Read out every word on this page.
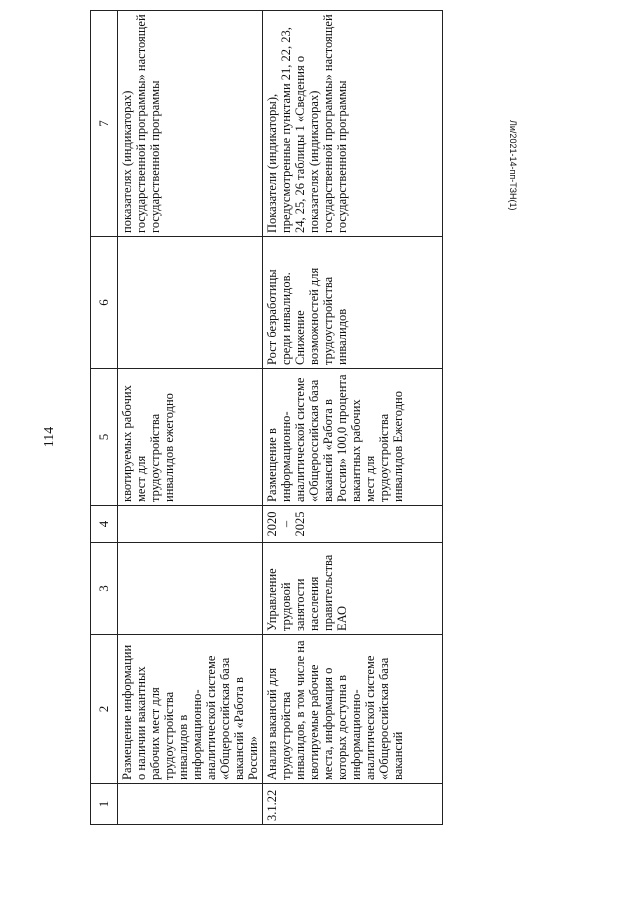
114
Ли/2021-14-пп-ТЗН(1)
1	2	3	4	5	6	7
	Размещение информации о наличии вакантных рабочих мест для трудоустройства инвалидов в информационно-аналитической системе «Общероссийская база вакансий «Работа в России»			квотируемых рабочих мест для трудоустройства инвалидов ежегодно		показателях (индикаторах) государственной программы» настоящей государственной программы
3.1.22	Анализ вакансий для трудоустройства инвалидов, в том числе на квотируемые рабочие места, информация о которых доступна в информационно-аналитической системе «Общероссийская база вакансий	Управление трудовой занятости населения правительства ЕАО	2020 – 2025	Размещение в информационно-аналитической системе «Общероссийская база вакансий «Работа в России» 100,0 процента вакантных рабочих мест для трудоустройства инвалидов Ежегодно	Рост безработицы среди инвалидов. Снижение возможностей для трудоустройства инвалидов	Показатели (индикаторы), предусмотренные пунктами 21, 22, 23, 24, 25, 26 таблицы 1 «Сведения о показателях (индикаторах) государственной программы» настоящей государственной программы
